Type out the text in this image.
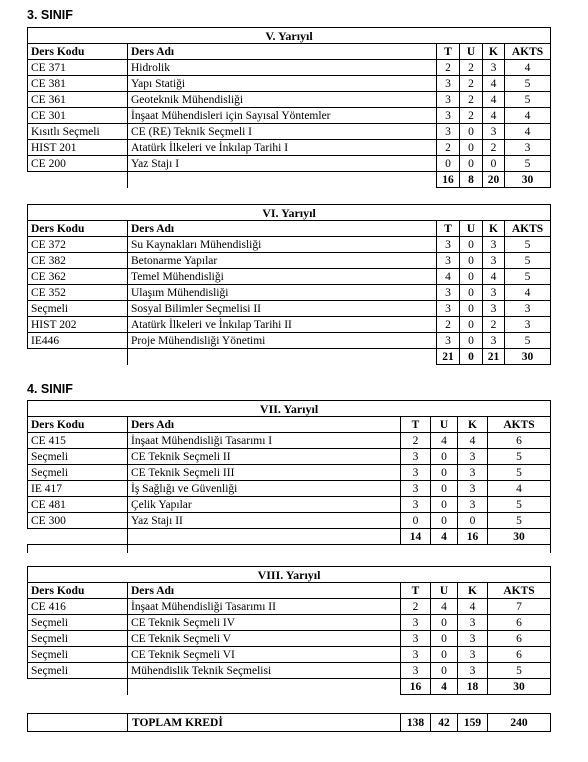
3. SINIF
V. Yarıyıl					
Ders Kodu	Ders Adı	T	U	K	AKTS
CE 371	Hidrolik	2	2	3	4
CE 381	Yapı Statiği	3	2	4	5
CE 361	Geoteknik Mühendisliği	3	2	4	5
CE 301	İnşaat Mühendisleri için Sayısal Yöntemler	3	2	4	4
Kısıtlı Seçmeli	CE (RE) Teknik Seçmeli I	3	0	3	4
HIST 201	Atatürk İlkeleri ve İnkılap Tarihi I	2	0	2	3
CE 200	Yaz Stajı I	0	0	0	5
		16	8	20	30
VI. Yarıyıl					
Ders Kodu	Ders Adı	T	U	K	AKTS
CE 372	Su Kaynakları Mühendisliği	3	0	3	5
CE 382	Betonarme Yapılar	3	0	3	5
CE 362	Temel Mühendisliği	4	0	4	5
CE 352	Ulaşım Mühendisliği	3	0	3	4
Seçmeli	Sosyal Bilimler Seçmelisi II	3	0	3	3
HIST 202	Atatürk İlkeleri ve İnkılap Tarihi II	2	0	2	3
IE446	Proje Mühendisliği Yönetimi	3	0	3	5
		21	0	21	30
4. SINIF
VII. Yarıyıl					
Ders Kodu	Ders Adı	T	U	K	AKTS
CE 415	İnşaat Mühendisliği Tasarımı I	2	4	4	6
Seçmeli	CE Teknik Seçmeli II	3	0	3	5
Seçmeli	CE Teknik Seçmeli III	3	0	3	5
IE 417	İş Sağlığı ve Güvenliği	3	0	3	4
CE 481	Çelik Yapılar	3	0	3	5
CE 300	Yaz Stajı II	0	0	0	5
		14	4	16	30

VIII. Yarıyıl					
Ders Kodu	Ders Adı	T	U	K	AKTS
CE 416	İnşaat Mühendisliği Tasarımı II	2	4	4	7
Seçmeli	CE Teknik Seçmeli IV	3	0	3	6
Seçmeli	CE Teknik Seçmeli V	3	0	3	6
Seçmeli	CE Teknik Seçmeli VI	3	0	3	6
Seçmeli	Mühendislik Teknik Seçmelisi	3	0	3	5
		16	4	18	30
	TOPLAM KREDİ	138	42	159	240
